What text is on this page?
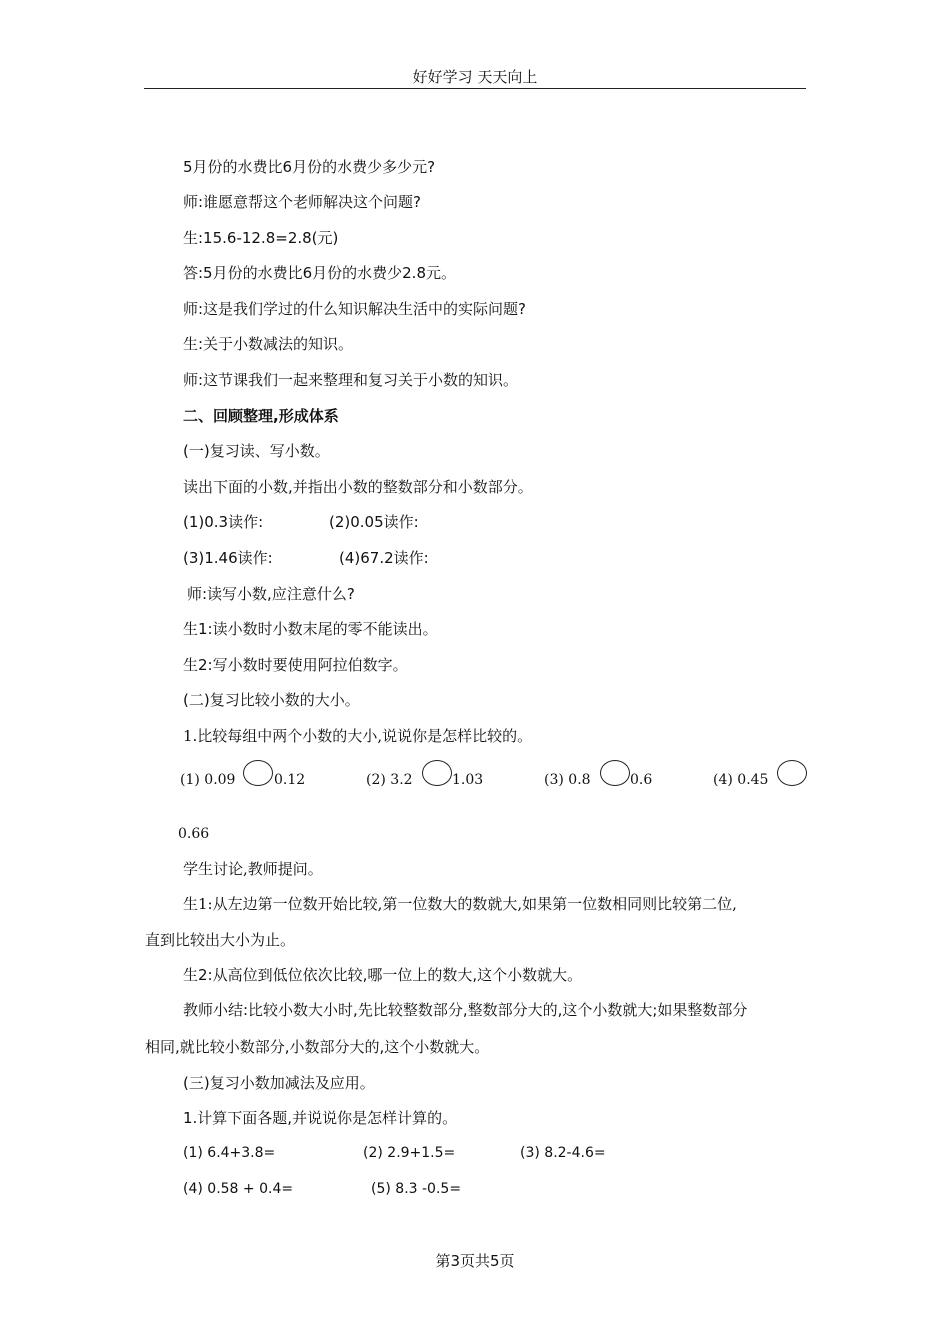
好好学习 天天向上
5月份的水费比6月份的水费少多少元?
师:谁愿意帮这个老师解决这个问题?
生:15.6-12.8=2.8(元)
答:5月份的水费比6月份的水费少2.8元。
师:这是我们学过的什么知识解决生活中的实际问题?
生:关于小数减法的知识。
师:这节课我们一起来整理和复习关于小数的知识。
二、回顾整理,形成体系
(一)复习读、写小数。
读出下面的小数,并指出小数的整数部分和小数部分。
(1)0.3读作:	(2)0.05读作:
(3)1.46读作:	(4)67.2读作:
师:读写小数,应注意什么?
生1:读小数时小数末尾的零不能读出。
生2:写小数时要使用阿拉伯数字。
(二)复习比较小数的大小。
1.比较每组中两个小数的大小,说说你是怎样比较的。
(1) 0.09	0.12	(2) 3.2	1.03	(3) 0.8	0.6	(4) 0.45
0.66
学生讨论,教师提问。
生1:从左边第一位数开始比较,第一位数大的数就大,如果第一位数相同则比较第二位,
直到比较出大小为止。
生2:从高位到低位依次比较,哪一位上的数大,这个小数就大。
教师小结:比较小数大小时,先比较整数部分,整数部分大的,这个小数就大;如果整数部分
相同,就比较小数部分,小数部分大的,这个小数就大。
(三)复习小数加减法及应用。
1.计算下面各题,并说说你是怎样计算的。
(1) 6.4+3.8=	(2) 2.9+1.5=	(3) 8.2-4.6=
(4) 0.58 + 0.4=	(5) 8.3 -0.5=
第3页共5页
